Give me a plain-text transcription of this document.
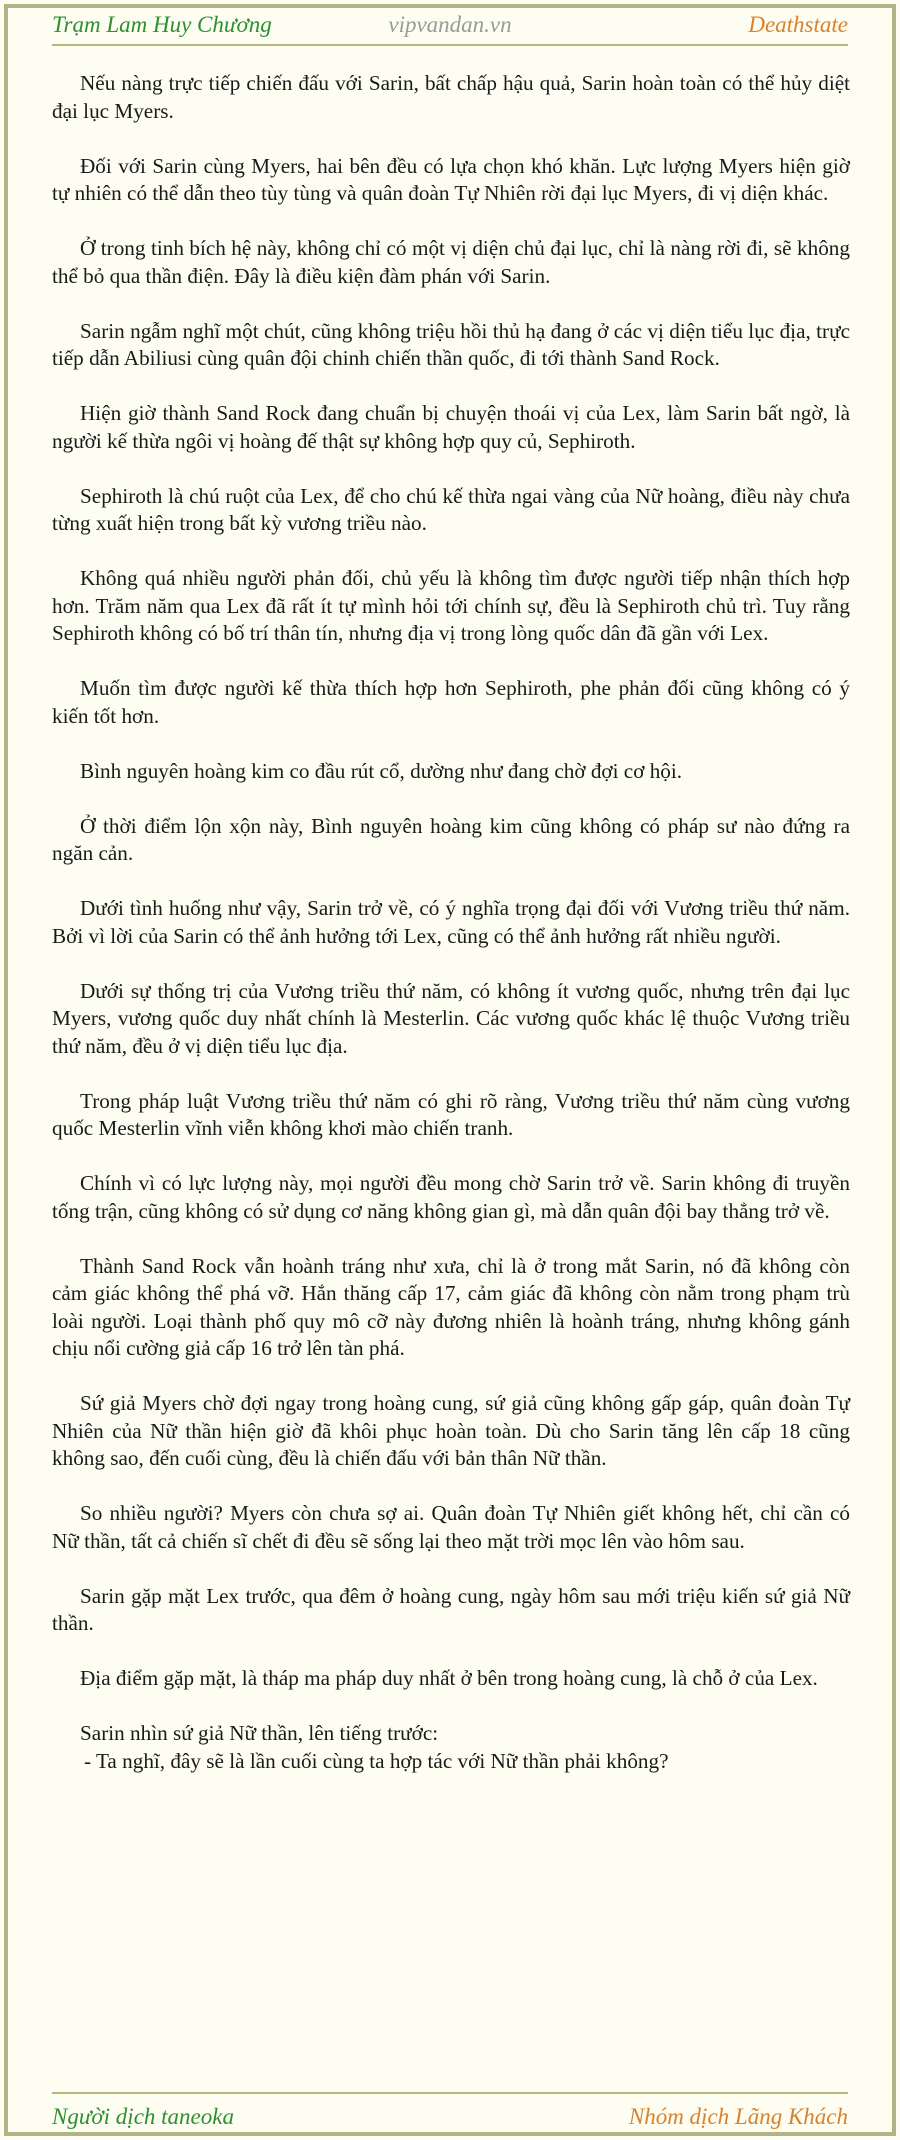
vipvandan.vn
Trạm Lam Huy Chương	Deathstate

Nếu nàng trực tiếp chiến đấu với Sarin, bất chấp hậu quả, Sarin hoàn toàn có thể hủy diệt đại lục Myers.

Đối với Sarin cùng Myers, hai bên đều có lựa chọn khó khăn. Lực lượng Myers hiện giờ tự nhiên có thể dẫn theo tùy tùng và quân đoàn Tự Nhiên rời đại lục Myers, đi vị diện khác.

Ở trong tinh bích hệ này, không chỉ có một vị diện chủ đại lục, chỉ là nàng rời đi, sẽ không thể bỏ qua thần điện. Đây là điều kiện đàm phán với Sarin.

Sarin ngẫm nghĩ một chút, cũng không triệu hồi thủ hạ đang ở các vị diện tiểu lục địa, trực tiếp dẫn Abiliusi cùng quân đội chinh chiến thần quốc, đi tới thành Sand Rock.

Hiện giờ thành Sand Rock đang chuẩn bị chuyện thoái vị của Lex, làm Sarin bất ngờ, là người kế thừa ngôi vị hoàng đế thật sự không hợp quy củ, Sephiroth.

Sephiroth là chú ruột của Lex, để cho chú kế thừa ngai vàng của Nữ hoàng, điều này chưa từng xuất hiện trong bất kỳ vương triều nào.

Không quá nhiều người phản đối, chủ yếu là không tìm được người tiếp nhận thích hợp hơn. Trăm năm qua Lex đã rất ít tự mình hỏi tới chính sự, đều là Sephiroth chủ trì. Tuy rằng Sephiroth không có bố trí thân tín, nhưng địa vị trong lòng quốc dân đã gần với Lex.

Muốn tìm được người kế thừa thích hợp hơn Sephiroth, phe phản đối cũng không có ý kiến tốt hơn.

Bình nguyên hoàng kim co đầu rút cổ, dường như đang chờ đợi cơ hội.

Ở thời điểm lộn xộn này, Bình nguyên hoàng kim cũng không có pháp sư nào đứng ra ngăn cản.

Dưới tình huống như vậy, Sarin trở về, có ý nghĩa trọng đại đối với Vương triều thứ năm. Bởi vì lời của Sarin có thể ảnh hưởng tới Lex, cũng có thể ảnh hưởng rất nhiều người.

Dưới sự thống trị của Vương triều thứ năm, có không ít vương quốc, nhưng trên đại lục Myers, vương quốc duy nhất chính là Mesterlin. Các vương quốc khác lệ thuộc Vương triều thứ năm, đều ở vị diện tiểu lục địa.

Trong pháp luật Vương triều thứ năm có ghi rõ ràng, Vương triều thứ năm cùng vương quốc Mesterlin vĩnh viễn không khơi mào chiến tranh.

Chính vì có lực lượng này, mọi người đều mong chờ Sarin trở về. Sarin không đi truyền tống trận, cũng không có sử dụng cơ năng không gian gì, mà dẫn quân đội bay thẳng trở về.

Thành Sand Rock vẫn hoành tráng như xưa, chỉ là ở trong mắt Sarin, nó đã không còn cảm giác không thể phá vỡ. Hắn thăng cấp 17, cảm giác đã không còn nằm trong phạm trù loài người. Loại thành phố quy mô cỡ này đương nhiên là hoành tráng, nhưng không gánh chịu nổi cường giả cấp 16 trở lên tàn phá.

Sứ giả Myers chờ đợi ngay trong hoàng cung, sứ giả cũng không gấp gáp, quân đoàn Tự Nhiên của Nữ thần hiện giờ đã khôi phục hoàn toàn. Dù cho Sarin tăng lên cấp 18 cũng không sao, đến cuối cùng, đều là chiến đấu với bản thân Nữ thần.

So nhiều người? Myers còn chưa sợ ai. Quân đoàn Tự Nhiên giết không hết, chỉ cần có Nữ thần, tất cả chiến sĩ chết đi đều sẽ sống lại theo mặt trời mọc lên vào hôm sau.

Sarin gặp mặt Lex trước, qua đêm ở hoàng cung, ngày hôm sau mới triệu kiến sứ giả Nữ thần.

Địa điểm gặp mặt, là tháp ma pháp duy nhất ở bên trong hoàng cung, là chỗ ở của Lex.

Sarin nhìn sứ giả Nữ thần, lên tiếng trước:

- Ta nghĩ, đây sẽ là lần cuối cùng ta hợp tác với Nữ thần phải không?

Người dịch taneoka	Nhóm dịch Lãng Khách
